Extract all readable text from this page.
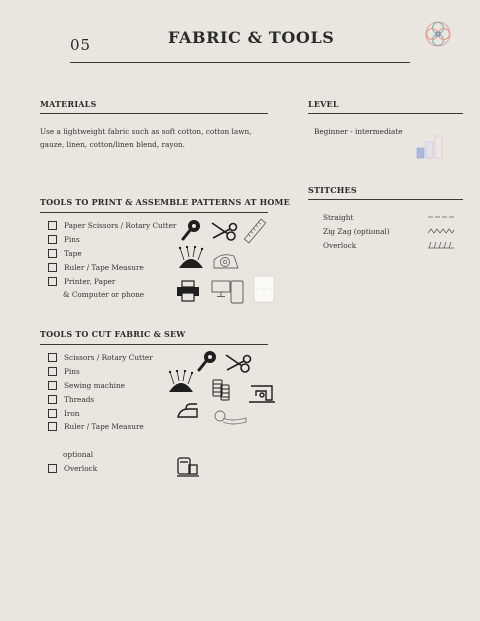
05	FABRIC & TOOLS
MATERIALS
Use a lightweight fabric such as soft cotton, cotton lawn, gauze, linen, cotton/linen blend, rayon.
LEVEL
Beginner - intermediate
STITCHES
Straight
Zig Zag (optional)
Overlock
TOOLS TO PRINT & ASSEMBLE PATTERNS AT HOME
Paper Scissors / Rotary Cutter
Pins
Tape
Ruler / Tape Measure
Printer, Paper
& Computer or phone
TOOLS TO CUT FABRIC & SEW
Scissors / Rotary Cutter
Pins
Sewing machine
Threads
Iron
Ruler / Tape Measure
optional
Overlock
1/2
